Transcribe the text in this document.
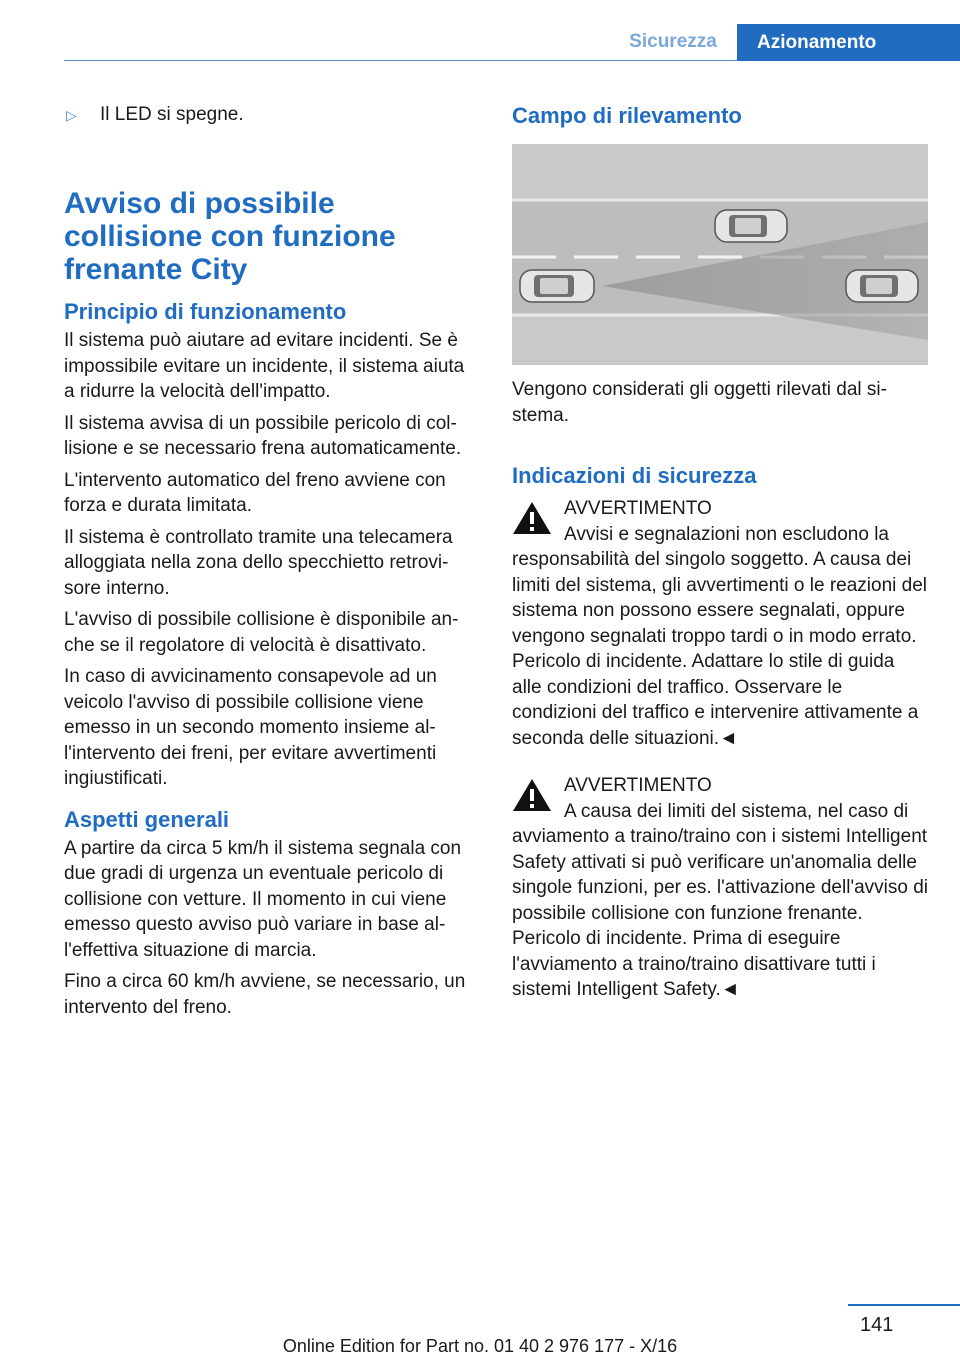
Sicurezza	Azionamento
▷	Il LED si spegne.
Avviso di possibile collisione con funzione frenante City
Principio di funzionamento

Il sistema può aiutare ad evitare incidenti. Se è impossibile evitare un incidente, il sistema aiuta a ridurre la velocità dell'impatto.

Il sistema avvisa di un possibile pericolo di collisione e se necessario frena automaticamente.

L'intervento automatico del freno avviene con forza e durata limitata.

Il sistema è controllato tramite una telecamera alloggiata nella zona dello specchietto retrovisore interno.

L'avviso di possibile collisione è disponibile anche se il regolatore di velocità è disattivato.

In caso di avvicinamento consapevole ad un veicolo l'avviso di possibile collisione viene emesso in un secondo momento insieme all'intervento dei freni, per evitare avvertimenti ingiustificati.

Aspetti generali

A partire da circa 5 km/h il sistema segnala con due gradi di urgenza un eventuale pericolo di collisione con vetture. Il momento in cui viene emesso questo avviso può variare in base all'effettiva situazione di marcia.

Fino a circa 60 km/h avviene, se necessario, un intervento del freno.

Campo di rilevamento

Vengono considerati gli oggetti rilevati dal sistema.

Indicazioni di sicurezza
AVVERTIMENTO

Avvisi e segnalazioni non escludono la responsabilità del singolo soggetto. A causa dei limiti del sistema, gli avvertimenti o le reazioni del sistema non possono essere segnalati, oppure vengono segnalati troppo tardi o in modo errato. Pericolo di incidente. Adattare lo stile di guida alle condizioni del traffico. Osservare le condizioni del traffico e intervenire attivamente a seconda delle situazioni.◄

AVVERTIMENTO

A causa dei limiti del sistema, nel caso di avviamento a traino/traino con i sistemi Intelligent Safety attivati si può verificare un'anomalia delle singole funzioni, per es. l'attivazione dell'avviso di possibile collisione con funzione frenante. Pericolo di incidente. Prima di eseguire l'avviamento a traino/traino disattivare tutti i sistemi Intelligent Safety.◄

141
Online Edition for Part no. 01 40 2 976 177 - X/16
